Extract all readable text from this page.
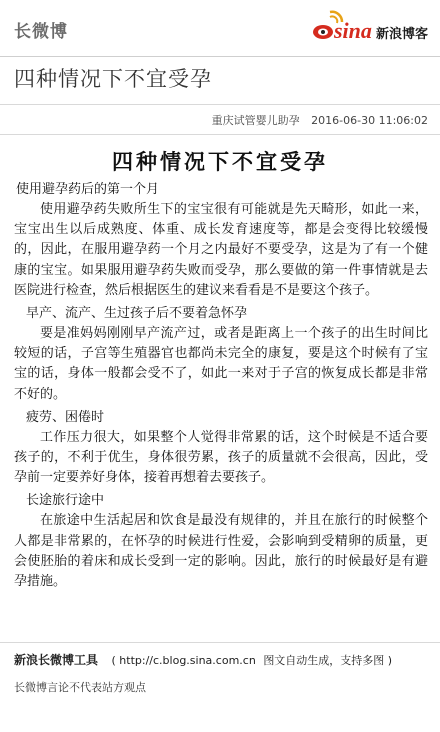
长微博	sina 新浪博客
四种情况下不宜受孕
重庆试管婴儿助孕 2016-06-30 11:06:02
四种情况下不宜受孕

使用避孕药后的第一个月

使用避孕药失败所生下的宝宝很有可能就是先天畸形，如此一来，宝宝出生以后成熟度、体重、成长发育速度等，都是会变得比较缓慢的，因此，在服用避孕药一个月之内最好不要受孕，这是为了有一个健康的宝宝。如果服用避孕药失败而受孕，那么要做的第一件事情就是去医院进行检查，然后根据医生的建议来看看是不是要这个孩子。

早产、流产、生过孩子后不要着急怀孕

要是准妈妈刚刚早产流产过，或者是距离上一个孩子的出生时间比较短的话，子宫等生殖器官也都尚未完全的康复，要是这个时候有了宝宝的话，身体一般都会受不了，如此一来对于子宫的恢复成长都是非常不好的。

疲劳、困倦时

工作压力很大，如果整个人觉得非常累的话，这个时候是不适合要孩子的，不利于优生，身体很劳累，孩子的质量就不会很高，因此，受孕前一定要养好身体，接着再想着去要孩子。

长途旅行途中

在旅途中生活起居和饮食是最没有规律的，并且在旅行的时候整个人都是非常累的，在怀孕的时候进行性爱，会影响到受精卵的质量，更会使胚胎的着床和成长受到一定的影响。因此，旅行的时候最好是有避孕措施。

新浪长微博工具 ( http://c.blog.sina.com.cn 图文自动生成，支持多图 )
长微博言论不代表站方观点
